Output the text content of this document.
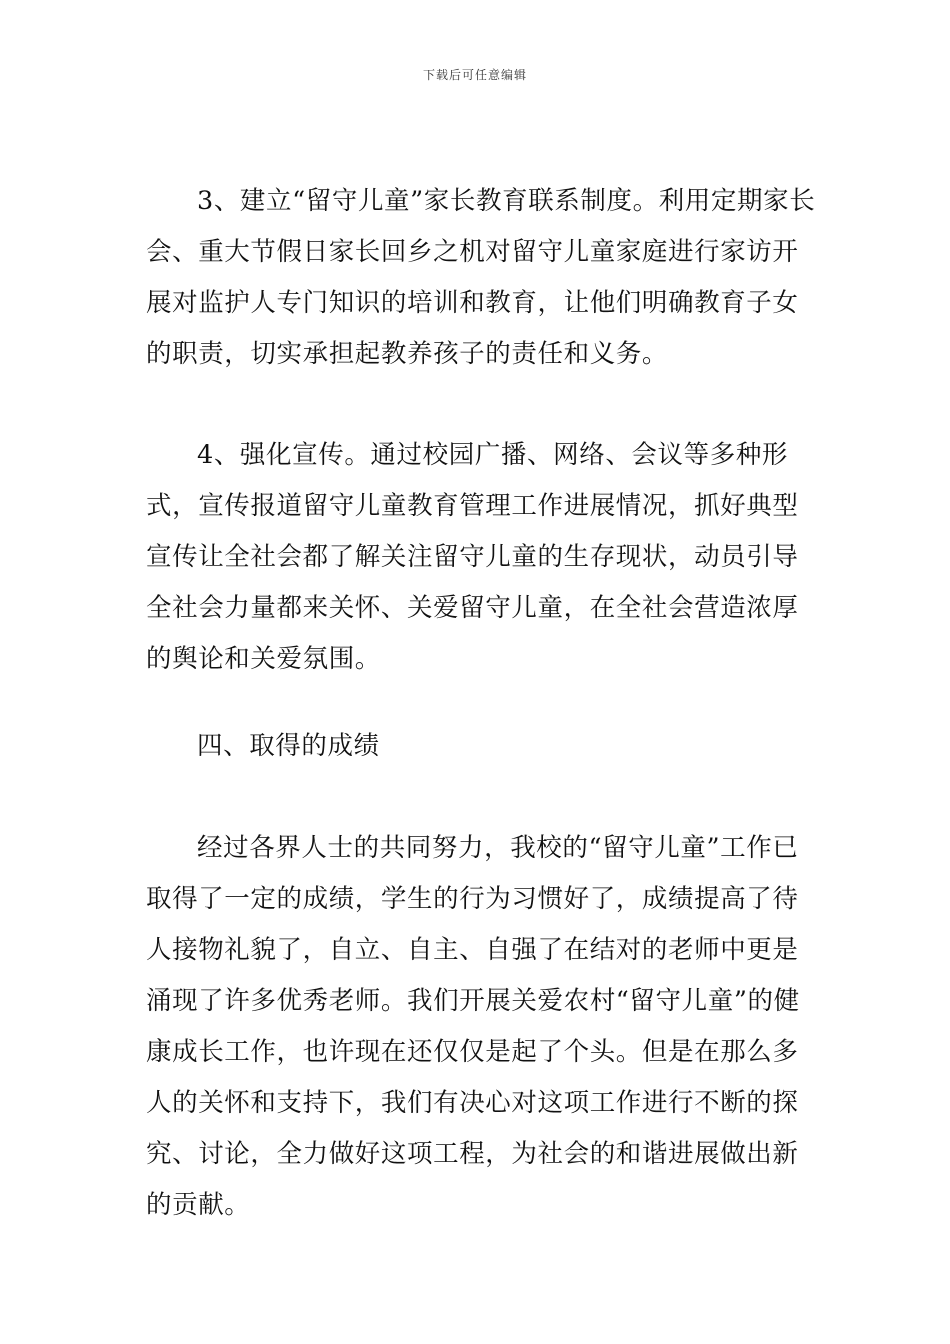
下载后可任意编辑

3、建立“留守儿童”家长教育联系制度。利用定期家长会、重大节假日家长回乡之机对留守儿童家庭进行家访开展对监护人专门知识的培训和教育，让他们明确教育子女的职责，切实承担起教养孩子的责任和义务。

4、强化宣传。通过校园广播、网络、会议等多种形式，宣传报道留守儿童教育管理工作进展情况，抓好典型宣传让全社会都了解关注留守儿童的生存现状，动员引导全社会力量都来关怀、关爱留守儿童，在全社会营造浓厚的舆论和关爱氛围。

四、取得的成绩

经过各界人士的共同努力，我校的“留守儿童”工作已取得了一定的成绩，学生的行为习惯好了，成绩提高了待人接物礼貌了，自立、自主、自强了在结对的老师中更是涌现了许多优秀老师。我们开展关爱农村“留守儿童”的健康成长工作，也许现在还仅仅是起了个头。但是在那么多人的关怀和支持下，我们有决心对这项工作进行不断的探究、讨论，全力做好这项工程，为社会的和谐进展做出新的贡献。
